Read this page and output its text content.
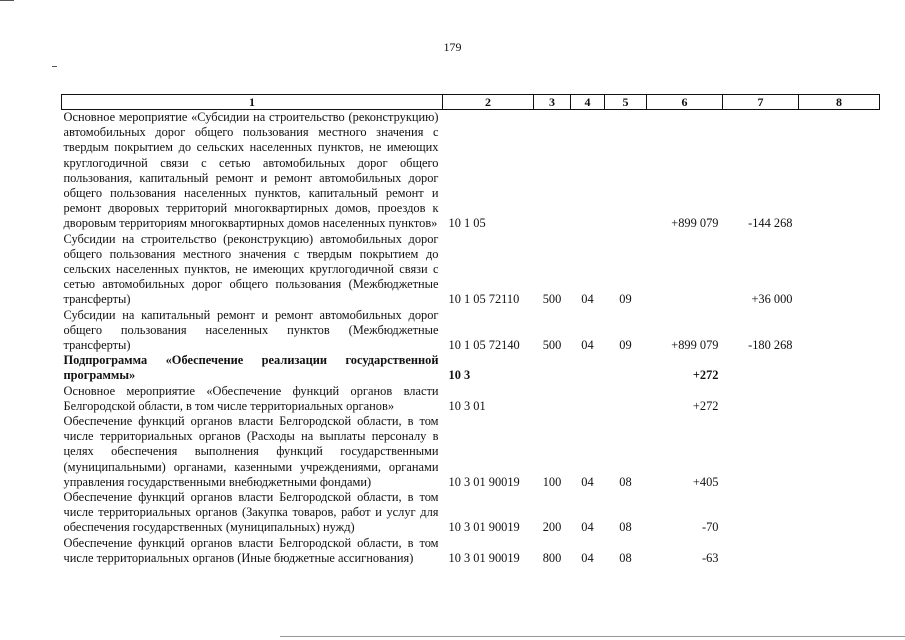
179
1	2	3	4	5	6	7	8
Основное мероприятие «Субсидии на строительство (реконструкцию) автомобильных дорог общего пользования местного значения с твердым покрытием до сельских населенных пунктов, не имеющих круглогодичной связи с сетью автомобильных дорог общего пользования, капитальный ремонт и ремонт автомобильных дорог общего пользования населенных пунктов, капитальный ремонт и ремонт дворовых территорий многоквартирных домов, проездов к дворовым территориям многоквартирных домов населенных пунктов»	10 1 05				+899 079	-144 268	
Субсидии на строительство (реконструкцию) автомобильных дорог общего пользования местного значения с твердым покрытием до сельских населенных пунктов, не имеющих круглогодичной связи с сетью автомобильных дорог общего пользования (Межбюджетные трансферты)	10 1 05 72110	500	04	09		+36 000	
Субсидии на капитальный ремонт и ремонт автомобильных дорог общего пользования населенных пунктов (Межбюджетные трансферты)	10 1 05 72140	500	04	09	+899 079	-180 268	
Подпрограмма «Обеспечение реализации государственной программы»	10 3				+272		
Основное мероприятие «Обеспечение функций органов власти Белгородской области, в том числе территориальных органов»	10 3 01				+272		
Обеспечение функций органов власти Белгородской области, в том числе территориальных органов (Расходы на выплаты персоналу в целях обеспечения выполнения функций государственными (муниципальными) органами, казенными учреждениями, органами управления государственными внебюджетными фондами)	10 3 01 90019	100	04	08	+405		
Обеспечение функций органов власти Белгородской области, в том числе территориальных органов (Закупка товаров, работ и услуг для обеспечения государственных (муниципальных) нужд)	10 3 01 90019	200	04	08	-70		
Обеспечение функций органов власти Белгородской области, в том числе территориальных органов (Иные бюджетные ассигнования)	10 3 01 90019	800	04	08	-63		
